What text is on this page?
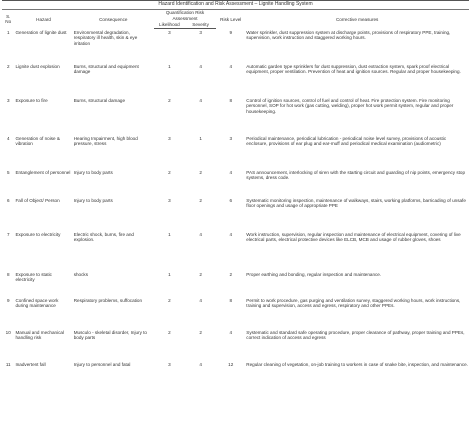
Hazard Identification and Risk Assessment – Lignite Handling System						
S. No	Hazard	Consequence	Quantification Risk Assessment		Risk Level	Corrective measures
			Likelihood	Severity		
1	Generation of lignite dust	Environmental degradation, respiratory ill health, skin & eye irritation	3	3	9	Water sprinkler, dust suppression system at discharge points, provisions of respiratory PPE, training, supervision, work instruction and staggered working hours.
2	Lignite dust explosion	Burns, structural and equipment damage	1	4	4	Automatic garden type sprinklers for dust suppression, dust extraction system, spark proof electrical equipment, proper ventilation. Prevention of heat and ignition sources. Regular and proper housekeeping.
3	Exposure to fire	Burns, structural damage	2	4	8	Control of ignition sources, control of fuel and control of heat. Fire protection system. Fire monitoring personnel, SOP for hot work (gas cutting, welding), proper hot work permit system, regular and proper housekeeping.
4	Generation of noise & vibration	Hearing Impairment, high blood pressure, stress	3	1	3	Periodical maintenance, periodical lubrication - periodical noise level survey, provisions of acoustic enclosure, provisions of ear plug and ear-muff and periodical medical examination (audiometric)
5	Entanglement of personnel	Injury to body parts	2	2	4	PAS announcement, interlocking of siren with the starting circuit and guarding of nip points, emergency stop systems, dress code.
6	Fall of Object/ Person	Injury to body parts	3	2	6	Systematic monitoring inspection, maintenance of walkways, stairs, working platforms, barricading of unsafe floor openings and usage of appropriate PPE
7	Exposure to electricity	Electric shock, burns, fire and explosion.	1	4	4	Work instruction, supervision, regular inspection and maintenance of electrical equipment, covering of live electrical parts, electrical protective devices like ELCB, MCB and usage of rubber gloves, shoes
8	Exposure to static electricity	shocks	1	2	2	Proper earthing and bonding, regular inspection and maintenance.
9	Confined space work during maintenance	Respiratory problems, suffocation	2	4	8	Permit to work procedure, gas purging and ventilation survey, staggered working hours, work instructions, training and supervision, access and egress, respiratory and other PPEs.
10	Manual and mechanical handling risk	Musculo - skeletal disorder, Injury to body parts	2	2	4	Systematic and standard safe operating procedure, proper clearance of pathway, proper training and PPEs, correct indication of access and egress
11	Inadvertent fall	Injury to personnel and fatal	3	4	12	Regular cleaning of vegetation, on-job training to workers in case of snake bite, inspection, and maintenance.
